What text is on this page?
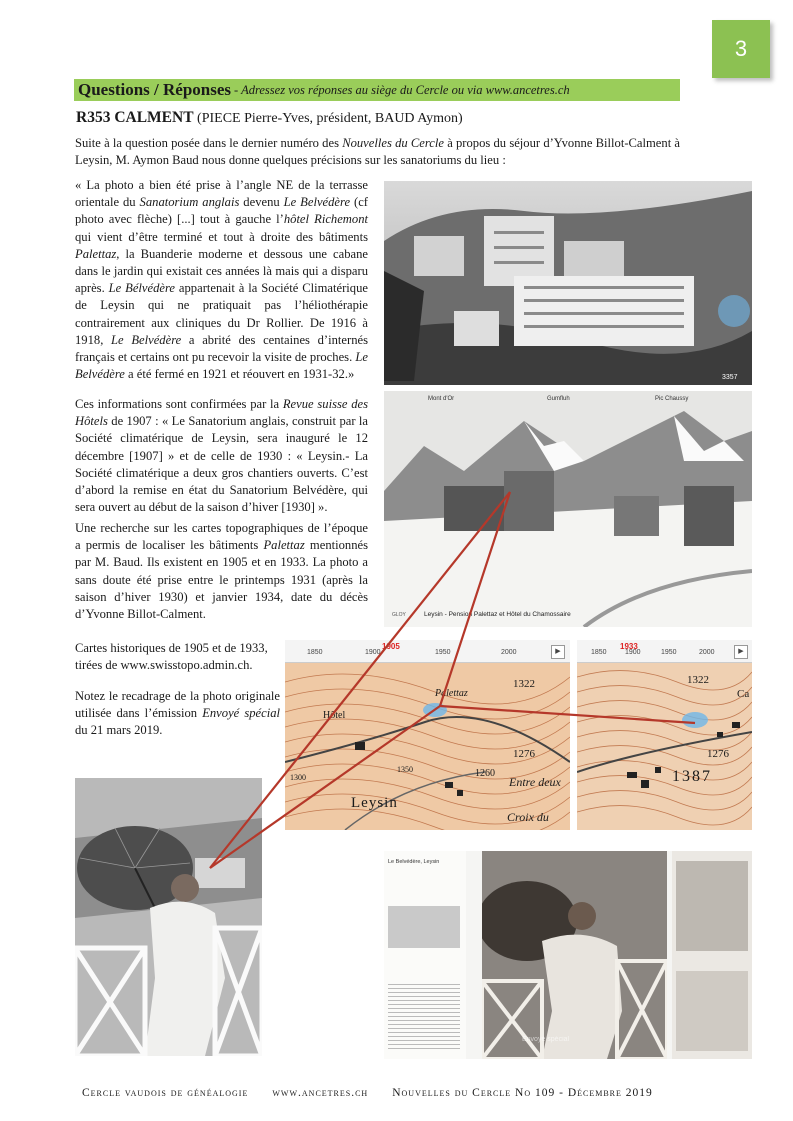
3
Questions / Réponses - Adressez vos réponses au siège du Cercle ou via www.ancetres.ch
R353 CALMENT (PIECE Pierre-Yves, président, BAUD Aymon)
Suite à la question posée dans le dernier numéro des Nouvelles du Cercle à propos du séjour d’Yvonne Billot-Calment à Leysin, M. Aymon Baud nous donne quelques précisions sur les sanatoriums du lieu :
« La photo a bien été prise à l’angle NE de la terrasse orientale du Sanatorium anglais devenu Le Belvédère (cf photo avec flèche) [...] tout à gauche l’hôtel Richemont qui vient d’être terminé et tout à droite des bâtiments Palettaz, la Buanderie moderne et dessous une cabane dans le jardin qui existait ces années là mais qui a disparu après. Le Bélvédère appartenait à la Société Climatérique de Leysin qui ne pratiquait pas l’héliothérapie contrairement aux cliniques du Dr Rollier. De 1916 à 1918, Le Belvédère a abrité des centaines d’internés français et certains ont pu recevoir la visite de proches. Le Belvédère a été fermé en 1921 et réouvert en 1931-32.»
Ces informations sont confirmées par la Revue suisse des Hôtels de 1907 : « Le Sanatorium anglais, construit par la Société climatérique de Leysin, sera inauguré le 12 décembre [1907] » et de celle de 1930 : « Leysin.- La Société climatérique a deux gros chantiers ouverts. C’est d’abord la remise en état du Sanatorium Belvédère, qui sera ouvert au début de la saison d’hiver [1930] ».
Une recherche sur les cartes topographiques de l’époque a permis de localiser les bâtiments Palettaz mentionnés par M. Baud. Ils existent en 1905 et en 1933. La photo a sans doute été prise entre le printemps 1931 (après la saison d’hiver 1930) et janvier 1934, date du décès d’Yvonne Billot-Calment.
Cartes historiques de 1905 et de 1933, tirées de www.swisstopo.admin.ch.
Notez le recadrage de la photo originale utilisée dans l’émission Envoyé spécial du 21 mars 2019.
3357
Mont d'Or	Gumfluh	Pic Chaussy
GLOY	Leysin - Pension Palettaz et Hôtel du Chamossaire
1850	1900	1950	2000
1905
▶
Palettaz
Hôtel
Leysin
1322
1276
1260
Entre deux
Croix du
1350
1300
1850	1900	1950	2000
1933
▶
1322
1276
1387
Ca
Le Belvédère, Leysin
Envoyé spécial
Cercle vaudois de généalogie www.ancetres.ch Nouvelles du Cercle No 109 - Décembre 2019
